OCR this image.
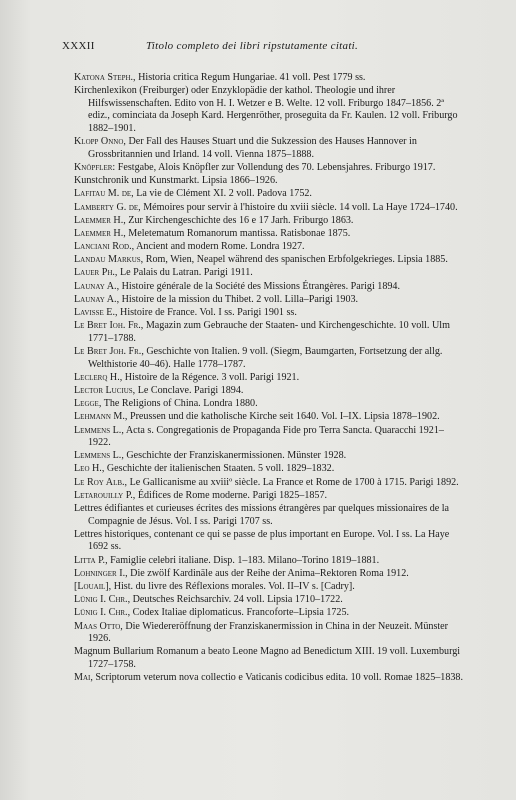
XXXII	Titolo completo dei libri ripstutamente citati.
Katona Steph., Historia critica Regum Hungariae. 41 voll. Pest 1779 ss.
Kirchenlexikon (Freiburger) oder Enzyklopädie der kathol. Theologie und ihrer Hilfswissenschaften. Edito von H. I. Wetzer e B. Welte. 12 voll. Friburgo 1847–1856. 2ª ediz., cominciata da Joseph Kard. Hergenröther, proseguita da Fr. Kaulen. 12 voll. Friburgo 1882–1901.
Klopp Onno, Der Fall des Hauses Stuart und die Sukzession des Hauses Hannover in Grossbritannien und Irland. 14 voll. Vienna 1875–1888.
Knöpfler: Festgabe, Alois Knöpfler zur Vollendung des 70. Lebensjahres. Friburgo 1917.
Kunstchronik und Kunstmarkt. Lipsia 1866–1926.
Lafitau M. de, La vie de Clément XI. 2 voll. Padova 1752.
Lamberty G. de, Mémoires pour servir à l'histoire du xviii siècle. 14 voll. La Haye 1724–1740.
Laemmer H., Zur Kirchengeschichte des 16 e 17 Jarh. Friburgo 1863.
Laemmer H., Meletematum Romanorum mantissa. Ratisbonae 1875.
Lanciani Rod., Ancient and modern Rome. Londra 1927.
Landau Markus, Rom, Wien, Neapel während des spanischen Erbfolgekrieges. Lipsia 1885.
Lauer Ph., Le Palais du Latran. Parigi 1911.
Launay A., Histoire générale de la Société des Missions Étrangères. Parigi 1894.
Launay A., Histoire de la mission du Thibet. 2 voll. Lilla–Parigi 1903.
Lavisse E., Histoire de France. Vol. I ss. Parigi 1901 ss.
Le Bret Ioh. Fr., Magazin zum Gebrauche der Staaten- und Kirchengeschichte. 10 voll. Ulm 1771–1788.
Le Bret Joh. Fr., Geschichte von Italien. 9 voll. (Siegm, Baumgarten, Fortsetzung der allg. Welthistorie 40–46). Halle 1778–1787.
Leclerq H., Histoire de la Régence. 3 voll. Parigi 1921.
Lector Lucius, Le Conclave. Parigi 1894.
Legge, The Religions of China. Londra 1880.
Lehmann M., Preussen und die katholische Kirche seit 1640. Vol. I–IX. Lipsia 1878–1902.
Lemmens L., Acta s. Congregationis de Propaganda Fide pro Terra Sancta. Quaracchi 1921–1922.
Lemmens L., Geschichte der Franziskanermissionen. Münster 1928.
Leo H., Geschichte der italienischen Staaten. 5 voll. 1829–1832.
Le Roy Alb., Le Gallicanisme au xviiiº siècle. La France et Rome de 1700 à 1715. Parigi 1892.
Letarouilly P., Édifices de Rome moderne. Parigi 1825–1857.
Lettres édifiantes et curieuses écrites des missions étrangères par quelques missionaires de la Compagnie de Jésus. Vol. I ss. Parigi 1707 ss.
Lettres historiques, contenant ce qui se passe de plus important en Europe. Vol. I ss. La Haye 1692 ss.
Litta P., Famiglie celebri italiane. Disp. 1–183. Milano–Torino 1819–1881.
Lohninger I., Die zwölf Kardinäle aus der Reihe der Anima–Rektoren Roma 1912.
[Louail], Hist. du livre des Réflexions morales. Vol. II–IV s. [Cadry].
Lünig I. Chr., Deutsches Reichsarchiv. 24 voll. Lipsia 1710–1722.
Lünig I. Chr., Codex Italiae diplomaticus. Francoforte–Lipsia 1725.
Maas Otto, Die Wiedereröffnung der Franziskanermission in China in der Neuzeit. Münster 1926.
Magnum Bullarium Romanum a beato Leone Magno ad Benedictum XIII. 19 voll. Luxemburgi 1727–1758.
Mai, Scriptorum veterum nova collectio e Vaticanis codicibus edita. 10 voll. Romae 1825–1838.
